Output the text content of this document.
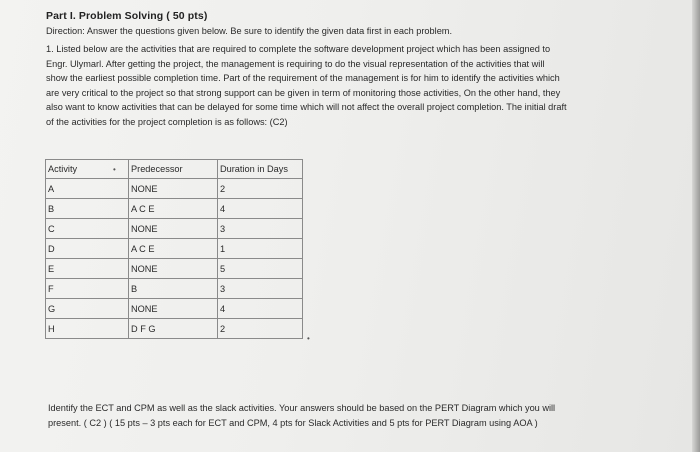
Part I. Problem Solving ( 50 pts)
Direction: Answer the questions given below. Be sure to identify the given data first in each problem.
1. Listed below are the activities that are required to complete the software development project which has been assigned to
Engr. Ulymarl. After getting the project, the management is requiring to do the visual representation of the activities that will
show the earliest possible completion time. Part of the requirement of the management is for him to identify the activities which
are very critical to the project so that strong support can be given in term of monitoring those activities, On the other hand, they
also want to know activities that can be delayed for some time which will not affect the overall project completion. The initial draft
of the activities for the project completion is as follows: (C2)
Activity	Predecessor	Duration in Days
A	NONE	2
B	A C E	4
C	NONE	3
D	A C E	1
E	NONE	5
F	B	3
G	NONE	4
H	D F G	2
•
•
Identify the ECT and CPM as well as the slack activities. Your answers should be based on the PERT Diagram which you will
present. ( C2 ) ( 15 pts – 3 pts each for ECT and CPM, 4 pts for Slack Activities and 5 pts for PERT Diagram using AOA )
